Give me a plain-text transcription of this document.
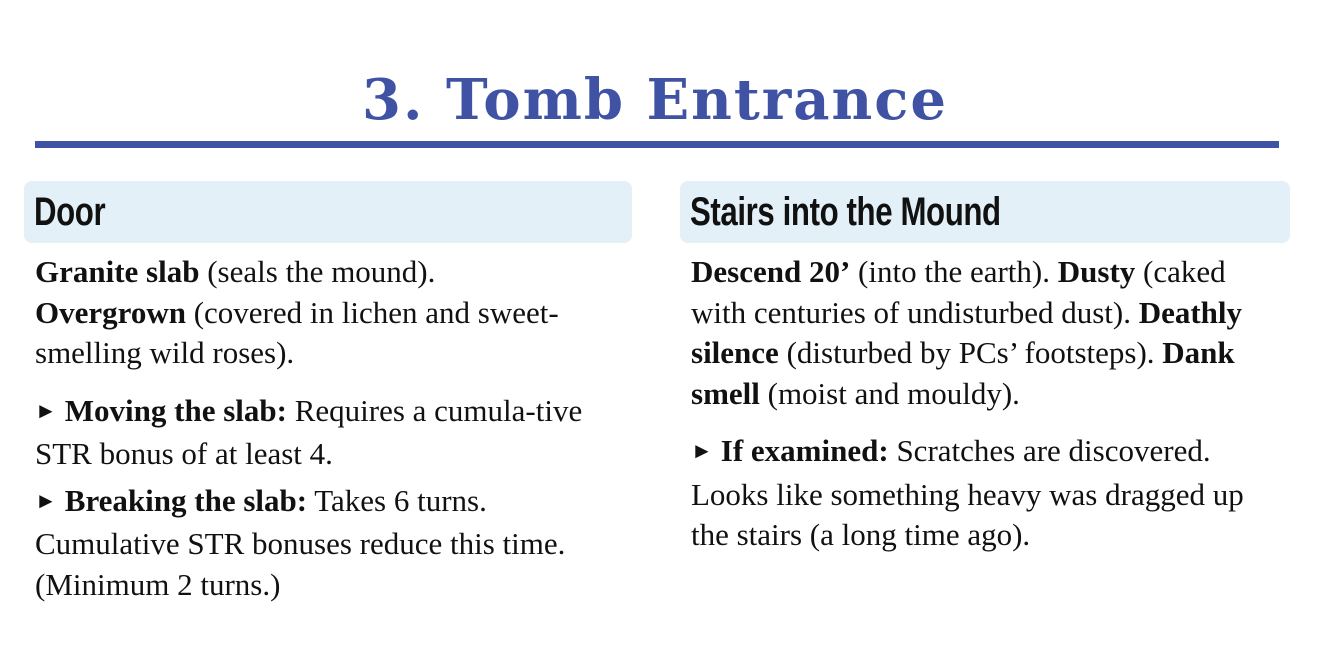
3. Tomb Entrance
Door

Granite slab (seals the mound).
Overgrown (covered in lichen and sweet-smelling wild roses).

► Moving the slab: Requires a cumula-tive STR bonus of at least 4.

► Breaking the slab: Takes 6 turns. Cumulative STR bonuses reduce this time. (Minimum 2 turns.)

Stairs into the Mound

Descend 20’ (into the earth). Dusty (caked with centuries of undisturbed dust). Deathly silence (disturbed by PCs’ footsteps). Dank smell (moist and mouldy).

► If examined: Scratches are discovered. Looks like something heavy was dragged up the stairs (a long time ago).
